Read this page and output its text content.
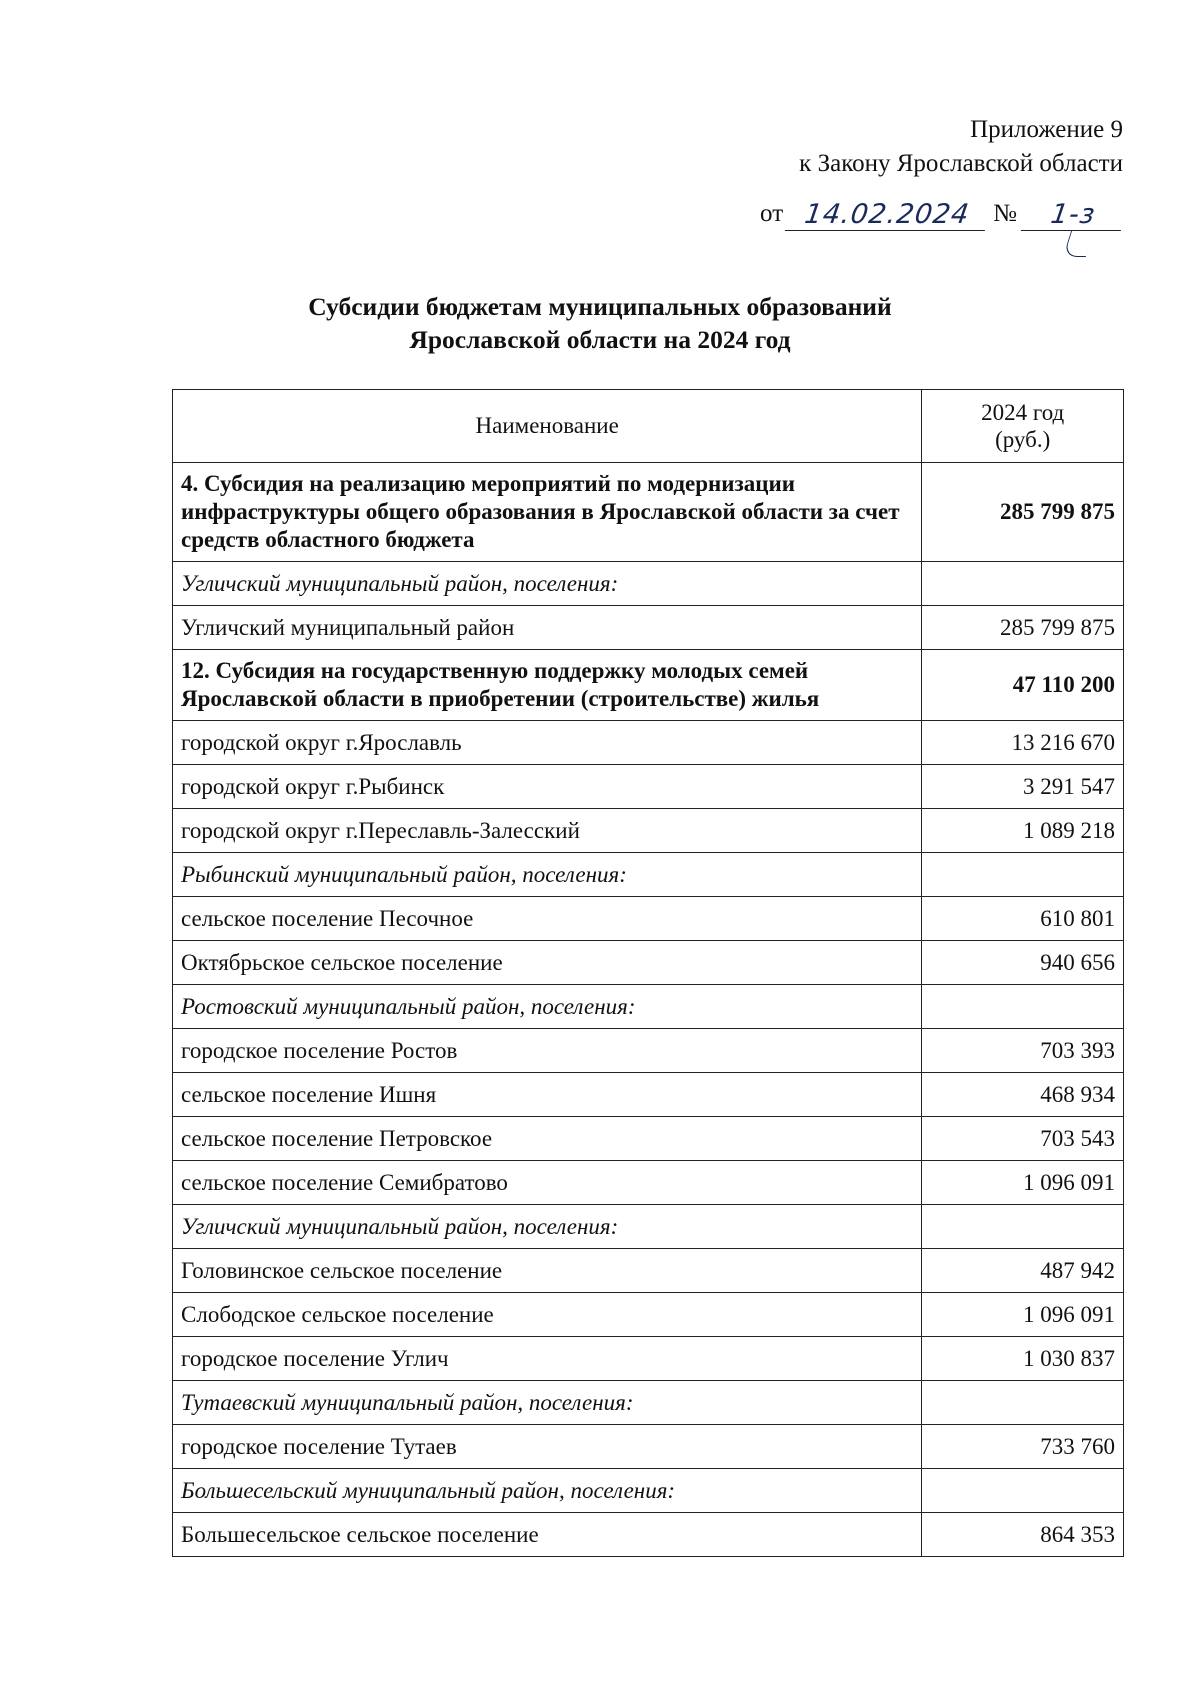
Приложение 9
к Закону Ярославской области
от 14.02.2024 №	1-з
Субсидии бюджетам муниципальных образований
Ярославской области на 2024 год
Наименование	2024 год
(руб.)
4. Субсидия на реализацию мероприятий по модернизации инфраструктуры общего образования в Ярославской области за счет средств областного бюджета	285 799 875
Угличский муниципальный район, поселения:	
Угличский муниципальный район	285 799 875
12. Субсидия на государственную поддержку молодых семей Ярославской области в приобретении (строительстве) жилья	47 110 200
городской округ г.Ярославль	13 216 670
городской округ г.Рыбинск	3 291 547
городской округ г.Переславль-Залесский	1 089 218
Рыбинский муниципальный район, поселения:	
сельское поселение Песочное	610 801
Октябрьское сельское поселение	940 656
Ростовский муниципальный район, поселения:	
городское поселение Ростов	703 393
сельское поселение Ишня	468 934
сельское поселение Петровское	703 543
сельское поселение Семибратово	1 096 091
Угличский муниципальный район, поселения:	
Головинское сельское поселение	487 942
Слободское сельское поселение	1 096 091
городское поселение Углич	1 030 837
Тутаевский муниципальный район, поселения:	
городское поселение Тутаев	733 760
Большесельский муниципальный район, поселения:	
Большесельское сельское поселение	864 353
